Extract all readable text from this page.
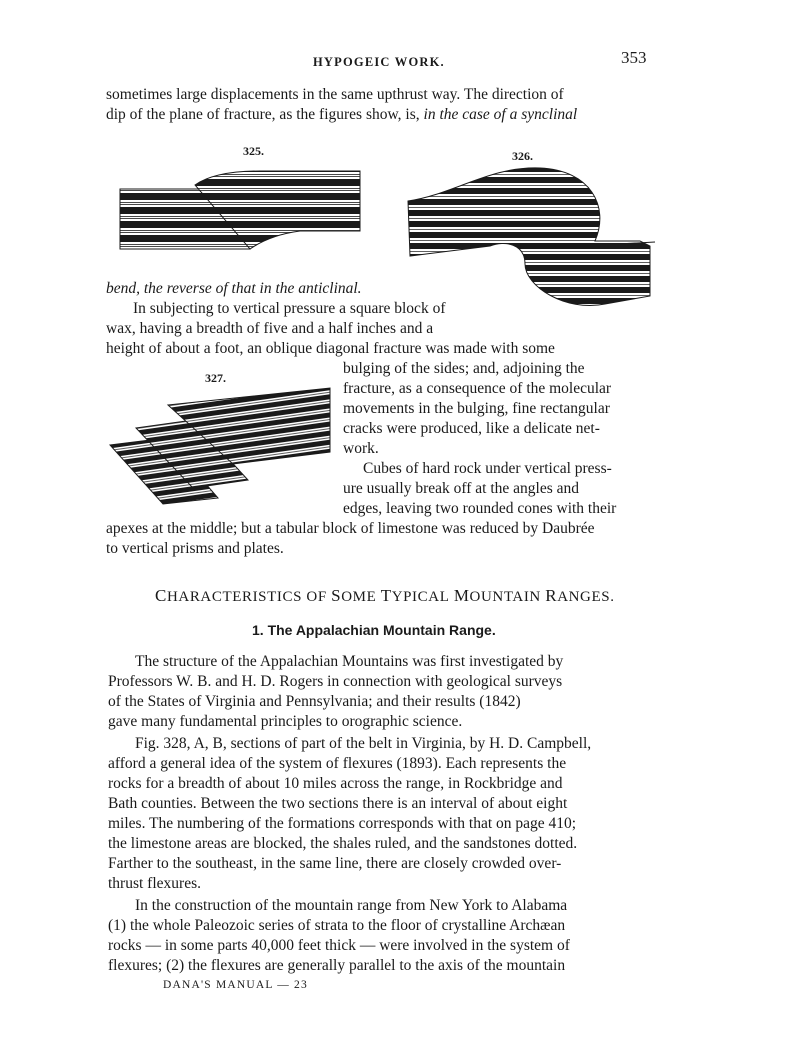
HYPOGEIC WORK.	353
sometimes large displacements in the same upthrust way. The direction of
dip of the plane of fracture, as the figures show, is, in the case of a synclinal
325.	326.
327.
bend, the reverse of that in the anticlinal.
In subjecting to vertical pressure a square block of
wax, having a breadth of five and a half inches and a
height of about a foot, an oblique diagonal fracture was made with some
bulging of the sides; and, adjoining the
fracture, as a consequence of the molecular
movements in the bulging, fine rectangular
cracks were produced, like a delicate net-
work.
Cubes of hard rock under vertical press-
ure usually break off at the angles and
edges, leaving two rounded cones with their
apexes at the middle; but a tabular block of limestone was reduced by Daubrée
to vertical prisms and plates.
CHARACTERISTICS OF SOME TYPICAL MOUNTAIN RANGES.
1. The Appalachian Mountain Range.
The structure of the Appalachian Mountains was first investigated by
Professors W. B. and H. D. Rogers in connection with geological surveys
of the States of Virginia and Pennsylvania; and their results (1842)
gave many fundamental principles to orographic science.
Fig. 328, A, B, sections of part of the belt in Virginia, by H. D. Campbell,
afford a general idea of the system of flexures (1893). Each represents the
rocks for a breadth of about 10 miles across the range, in Rockbridge and
Bath counties. Between the two sections there is an interval of about eight
miles. The numbering of the formations corresponds with that on page 410;
the limestone areas are blocked, the shales ruled, and the sandstones dotted.
Farther to the southeast, in the same line, there are closely crowded over-
thrust flexures.
In the construction of the mountain range from New York to Alabama
(1) the whole Paleozoic series of strata to the floor of crystalline Archæan
rocks — in some parts 40,000 feet thick — were involved in the system of
flexures; (2) the flexures are generally parallel to the axis of the mountain
DANA'S MANUAL — 23
